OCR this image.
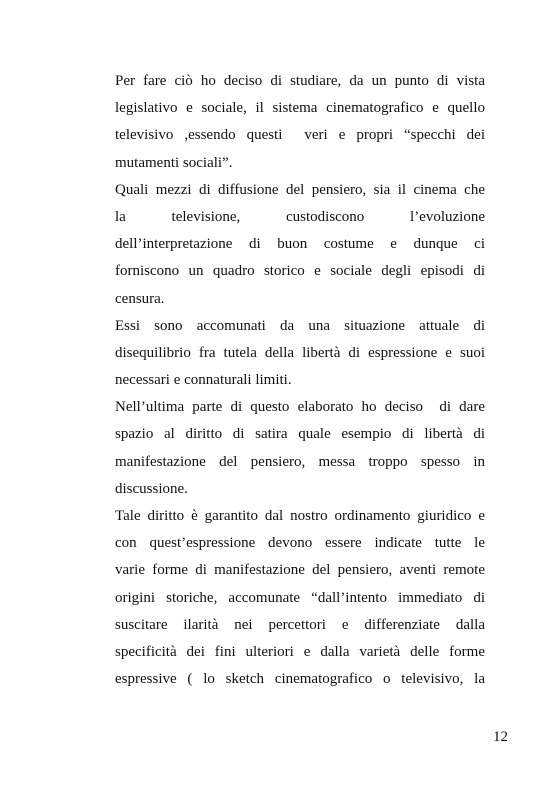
Per fare ciò ho deciso di studiare, da un punto di vista
legislativo e sociale, il sistema cinematografico e quello
televisivo ,essendo questi  veri e propri “specchi dei
mutamenti sociali”.
Quali mezzi di diffusione del pensiero, sia il cinema che
la televisione, custodiscono l’evoluzione
dell’interpretazione di buon costume e dunque ci
forniscono un quadro storico e sociale degli episodi di
censura.
Essi sono accomunati da una situazione attuale di
disequilibrio fra tutela della libertà di espressione e suoi
necessari e connaturali limiti.
Nell’ultima parte di questo elaborato ho deciso  di dare
spazio al diritto di satira quale esempio di libertà di
manifestazione del pensiero, messa troppo spesso in
discussione.
Tale diritto è garantito dal nostro ordinamento giuridico e
con quest’espressione devono essere indicate tutte le
varie forme di manifestazione del pensiero, aventi remote
origini storiche, accomunate “dall’intento immediato di
suscitare ilarità nei percettori e differenziate dalla
specificità dei fini ulteriori e dalla varietà delle forme
espressive ( lo sketch cinematografico o televisivo, la
12
